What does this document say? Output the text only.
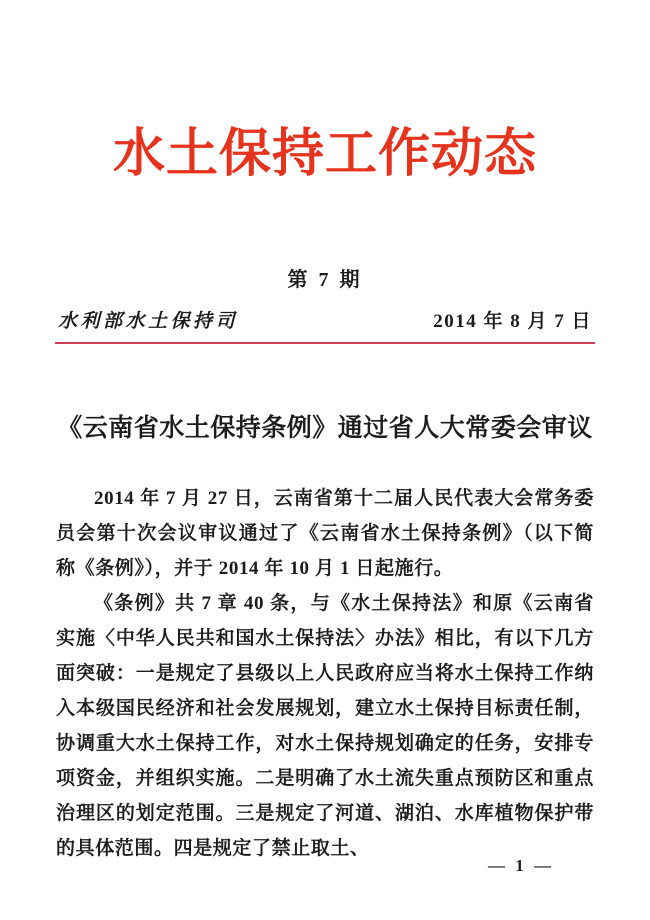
水土保持工作动态
第 7 期
水利部水土保持司	2014 年 8 月 7 日
《云南省水土保持条例》通过省人大常委会审议

2014 年 7 月 27 日，云南省第十二届人民代表大会常务委员会第十次会议审议通过了《云南省水土保持条例》（以下简称《条例》），并于 2014 年 10 月 1 日起施行。

《条例》共 7 章 40 条，与《水土保持法》和原《云南省实施〈中华人民共和国水土保持法〉办法》相比，有以下几方面突破：一是规定了县级以上人民政府应当将水土保持工作纳入本级国民经济和社会发展规划，建立水土保持目标责任制，协调重大水土保持工作，对水土保持规划确定的任务，安排专项资金，并组织实施。二是明确了水土流失重点预防区和重点治理区的划定范围。三是规定了河道、湖泊、水库植物保护带的具体范围。四是规定了禁止取土、

— 1 —
